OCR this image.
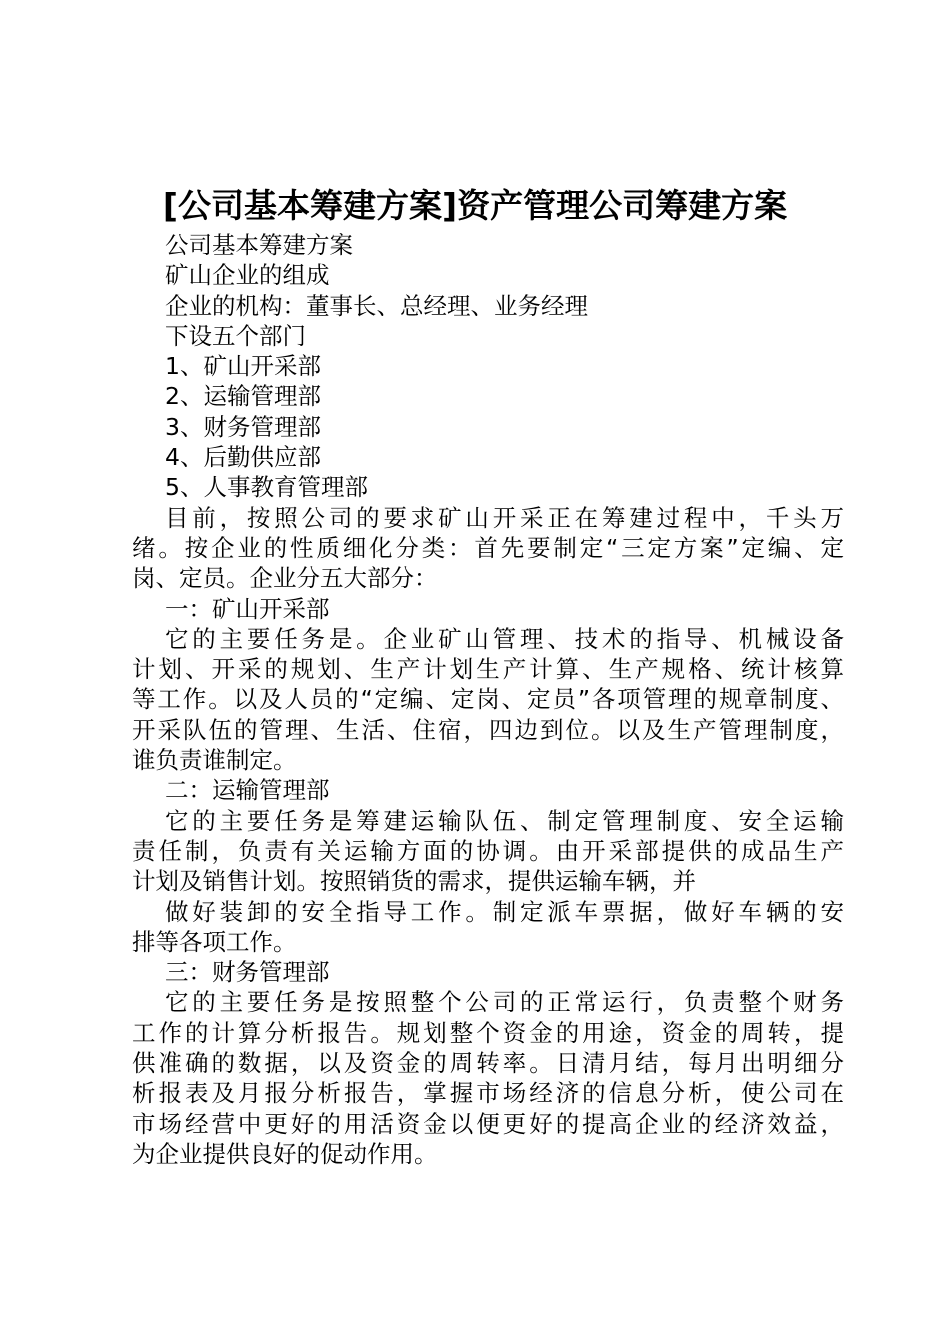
[公司基本筹建方案]资产管理公司筹建方案
公司基本筹建方案
矿山企业的组成
企业的机构：董事长、总经理、业务经理
下设五个部门
1、矿山开采部
2、运输管理部
3、财务管理部
4、后勤供应部
5、人事教育管理部
目前，按照公司的要求矿山开采正在筹建过程中，千头万
绪。按企业的性质细化分类：首先要制定“三定方案”定编、定
岗、定员。企业分五大部分：
一：矿山开采部
它的主要任务是。企业矿山管理、技术的指导、机械设备
计划、开采的规划、生产计划生产计算、生产规格、统计核算
等工作。以及人员的“定编、定岗、定员”各项管理的规章制度、
开采队伍的管理、生活、住宿，四边到位。以及生产管理制度，
谁负责谁制定。
二：运输管理部
它的主要任务是筹建运输队伍、制定管理制度、安全运输
责任制，负责有关运输方面的协调。由开采部提供的成品生产
计划及销售计划。按照销货的需求，提供运输车辆，并
做好装卸的安全指导工作。制定派车票据，做好车辆的安
排等各项工作。
三：财务管理部
它的主要任务是按照整个公司的正常运行，负责整个财务
工作的计算分析报告。规划整个资金的用途，资金的周转，提
供准确的数据，以及资金的周转率。日清月结，每月出明细分
析报表及月报分析报告，掌握市场经济的信息分析，使公司在
市场经营中更好的用活资金以便更好的提高企业的经济效益，
为企业提供良好的促动作用。
